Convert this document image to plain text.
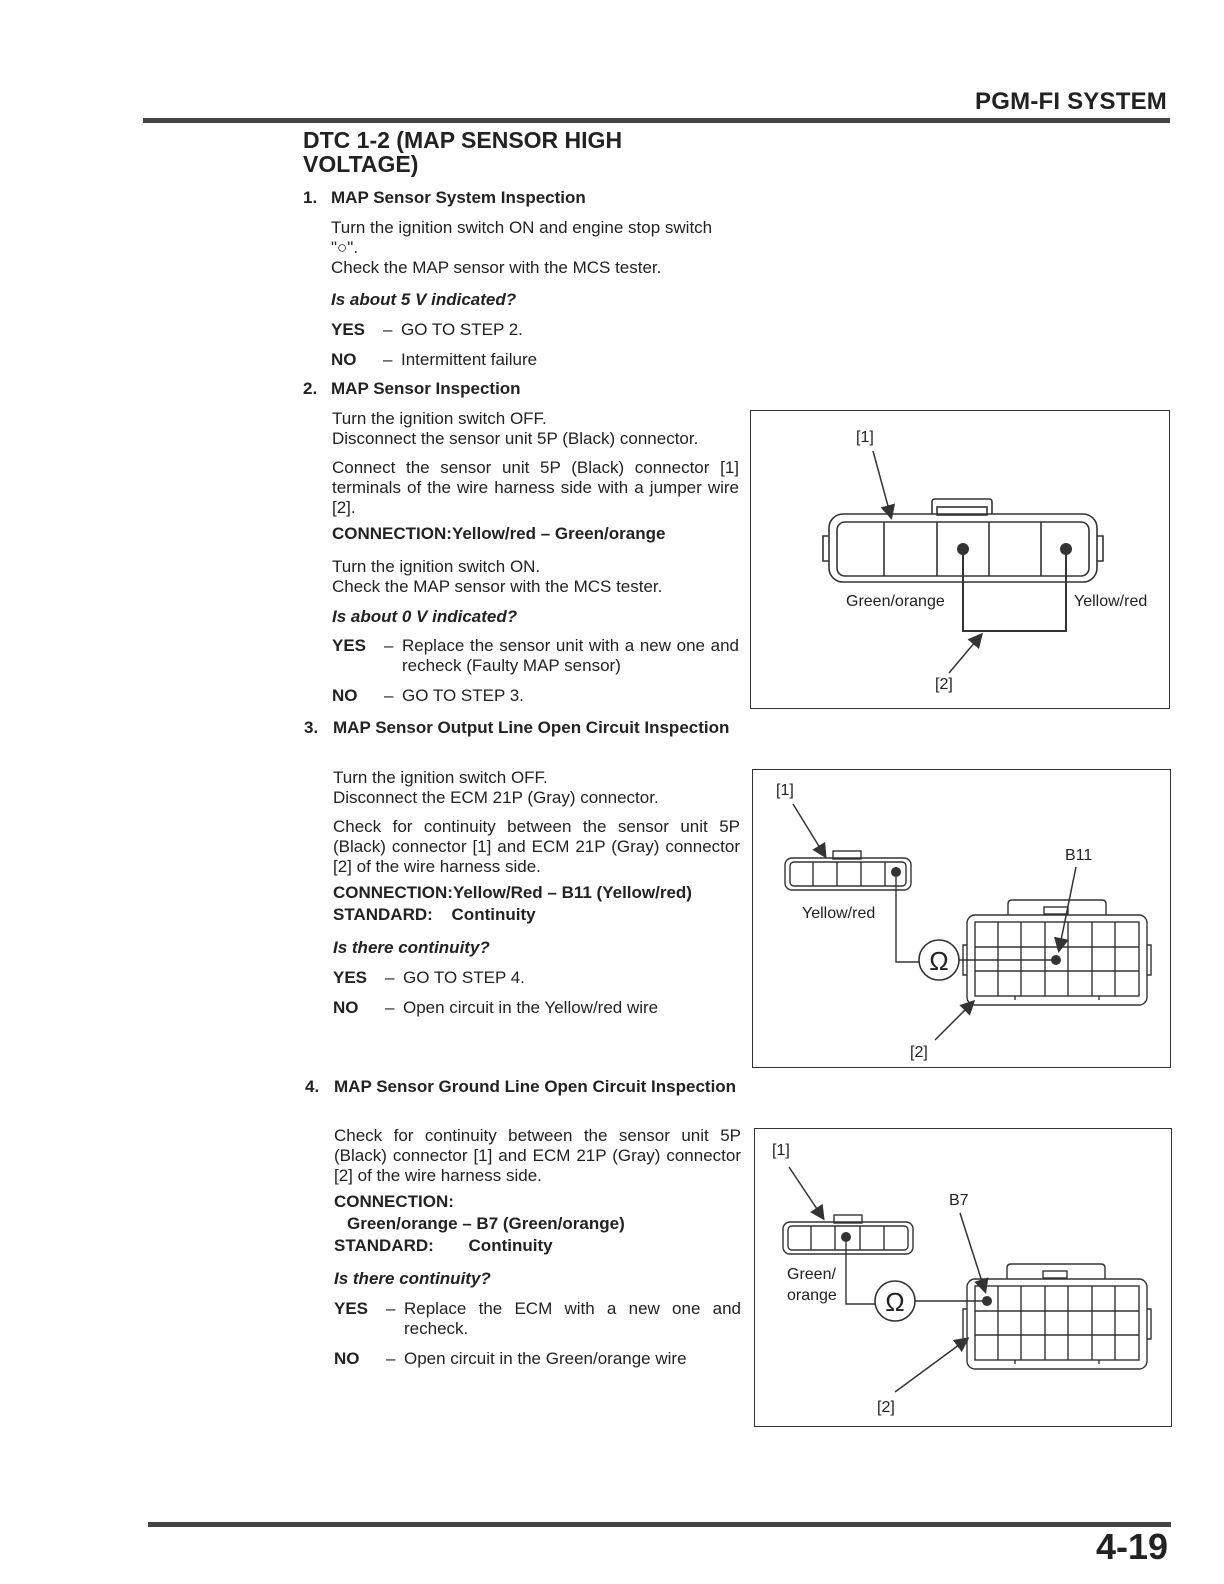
PGM-FI SYSTEM
DTC 1-2 (MAP SENSOR HIGH VOLTAGE)
1. MAP Sensor System Inspection
Turn the ignition switch ON and engine stop switch "○".
Check the MAP sensor with the MCS tester.
Is about 5 V indicated?
YES	– GO TO STEP 2.
NO	– Intermittent failure
2. MAP Sensor Inspection
Turn the ignition switch OFF.
Disconnect the sensor unit 5P (Black) connector.
Connect the sensor unit 5P (Black) connector [1] terminals of the wire harness side with a jumper wire [2].
CONNECTION:Yellow/red – Green/orange
Turn the ignition switch ON.
Check the MAP sensor with the MCS tester.
Is about 0 V indicated?
YES	– Replace the sensor unit with a new one and recheck (Faulty MAP sensor)
NO	– GO TO STEP 3.
3. MAP Sensor Output Line Open Circuit Inspection
Turn the ignition switch OFF.
Disconnect the ECM 21P (Gray) connector.
Check for continuity between the sensor unit 5P (Black) connector [1] and ECM 21P (Gray) connector [2] of the wire harness side.
CONNECTION:Yellow/Red – B11 (Yellow/red)
STANDARD: Continuity
Is there continuity?
YES	– GO TO STEP 4.
NO	– Open circuit in the Yellow/red wire
4. MAP Sensor Ground Line Open Circuit Inspection
Check for continuity between the sensor unit 5P (Black) connector [1] and ECM 21P (Gray) connector [2] of the wire harness side.
CONNECTION:
Green/orange – B7 (Green/orange)
STANDARD: Continuity
Is there continuity?
YES	– Replace the ECM with a new one and recheck.
NO	– Open circuit in the Green/orange wire
[1]
Green/orange	Yellow/red
[2]
[1]
Yellow/red
Ω
B11
[2]
[1]
Green/
orange Ω
B7
[2]
4-19
